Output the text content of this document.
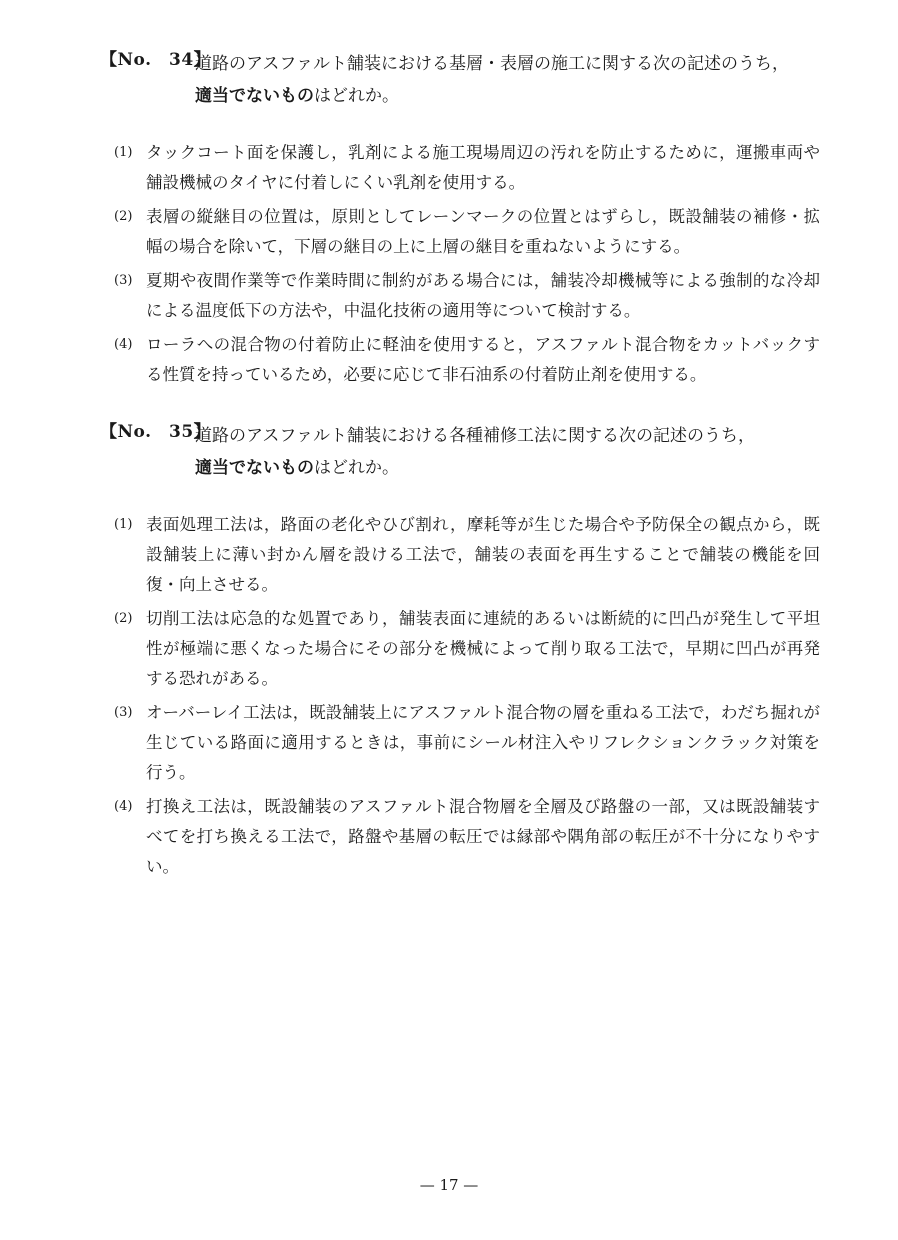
【No.　34】
道路のアスファルト舗装における基層・表層の施工に関する次の記述のうち，
適当でないものはどれか。
(1) タックコート面を保護し，乳剤による施工現場周辺の汚れを防止するために，運搬車両や舗設機械のタイヤに付着しにくい乳剤を使用する。
(2) 表層の縦継目の位置は，原則としてレーンマークの位置とはずらし，既設舗装の補修・拡幅の場合を除いて，下層の継目の上に上層の継目を重ねないようにする。
(3) 夏期や夜間作業等で作業時間に制約がある場合には，舗装冷却機械等による強制的な冷却による温度低下の方法や，中温化技術の適用等について検討する。
(4) ローラへの混合物の付着防止に軽油を使用すると，アスファルト混合物をカットバックする性質を持っているため，必要に応じて非石油系の付着防止剤を使用する。
【No.　35】
道路のアスファルト舗装における各種補修工法に関する次の記述のうち，
適当でないものはどれか。
(1) 表面処理工法は，路面の老化やひび割れ，摩耗等が生じた場合や予防保全の観点から，既設舗装上に薄い封かん層を設ける工法で，舗装の表面を再生することで舗装の機能を回復・向上させる。
(2) 切削工法は応急的な処置であり，舗装表面に連続的あるいは断続的に凹凸が発生して平坦性が極端に悪くなった場合にその部分を機械によって削り取る工法で，早期に凹凸が再発する恐れがある。
(3) オーバーレイ工法は，既設舗装上にアスファルト混合物の層を重ねる工法で，わだち掘れが生じている路面に適用するときは，事前にシール材注入やリフレクションクラック対策を行う。
(4) 打換え工法は，既設舗装のアスファルト混合物層を全層及び路盤の一部，又は既設舗装すべてを打ち換える工法で，路盤や基層の転圧では縁部や隅角部の転圧が不十分になりやすい。
— 17 —
